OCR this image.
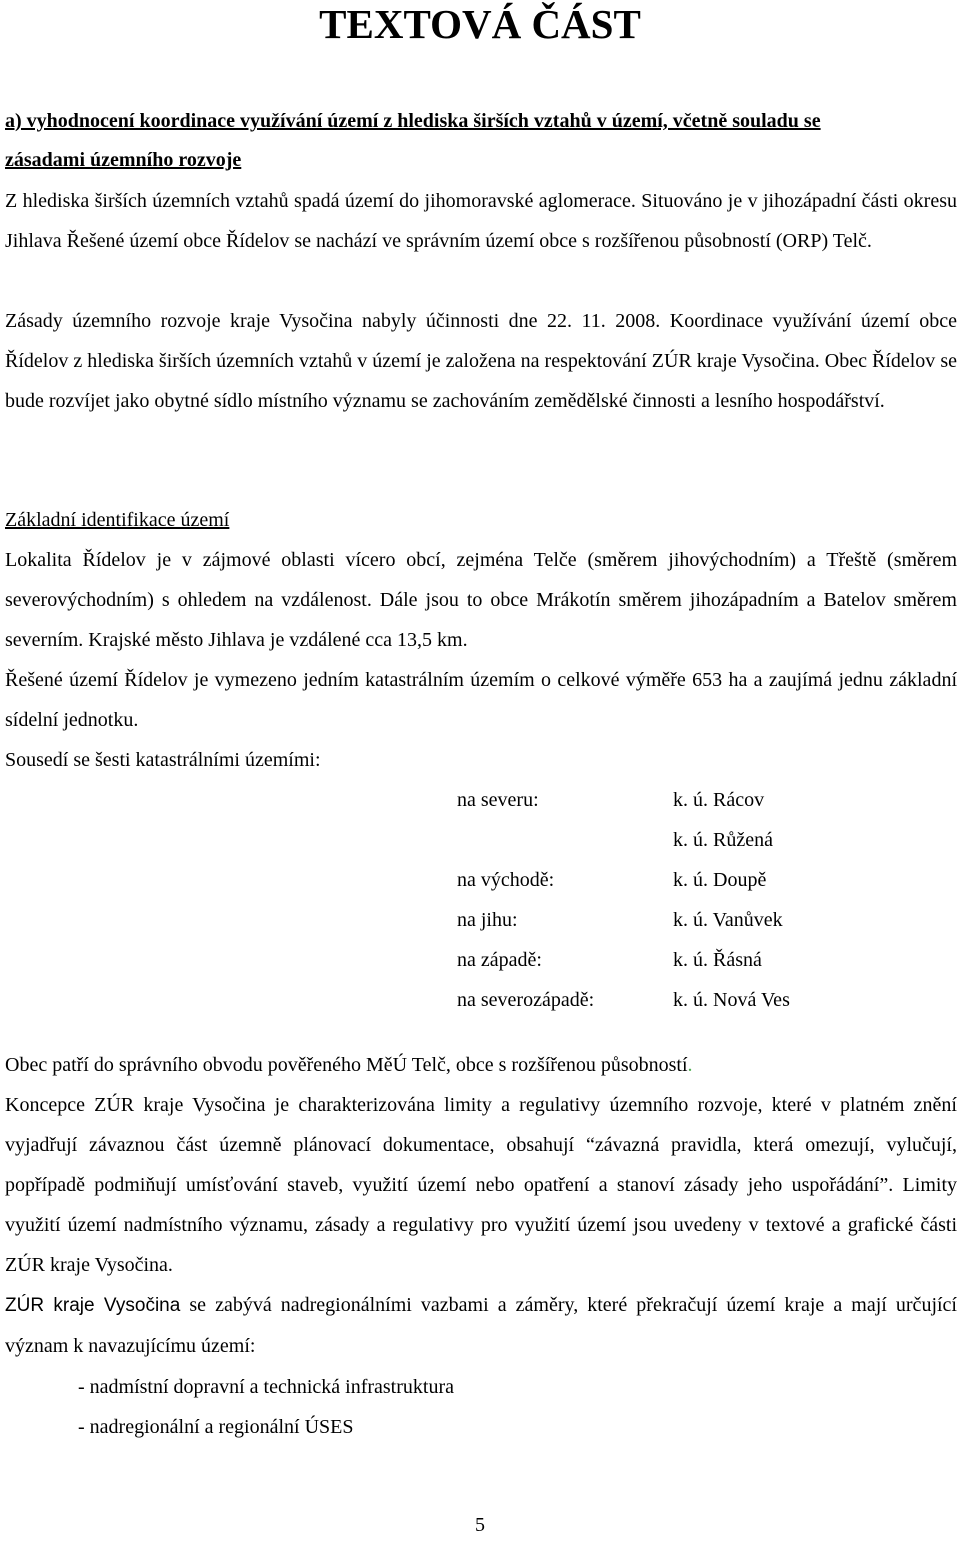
TEXTOVÁ ČÁST
a) vyhodnocení koordinace využívání území z hlediska širších vztahů v území, včetně souladu se
zásadami územního rozvoje
Z hlediska širších územních vztahů spadá území do jihomoravské aglomerace. Situováno je v jihozápadní části okresu Jihlava Řešené území obce Řídelov se nachází ve správním území obce s rozšířenou působností (ORP) Telč.
Zásady územního rozvoje kraje Vysočina nabyly účinnosti dne 22. 11. 2008. Koordinace využívání území obce Řídelov z hlediska širších územních vztahů v území je založena na respektování ZÚR kraje Vysočina. Obec Řídelov se bude rozvíjet jako obytné sídlo místního významu se zachováním zemědělské činnosti a lesního hospodářství.
Základní identifikace území
Lokalita Řídelov je v zájmové oblasti vícero obcí, zejména Telče (směrem jihovýchodním) a Třeště (směrem severovýchodním) s ohledem na vzdálenost. Dále jsou to obce Mrákotín směrem jihozápadním a Batelov směrem severním. Krajské město Jihlava je vzdálené cca 13,5 km.
Řešené území Řídelov je vymezeno jedním katastrálním územím o celkové výměře 653 ha a zaujímá jednu základní sídelní jednotku.
Sousedí se šesti katastrálními územími:
na severu:	k. ú. Rácov
	k. ú. Růžená
na východě:	k. ú. Doupě
na jihu:	k. ú. Vanůvek
na západě:	k. ú. Řásná
na severozápadě:	k. ú. Nová Ves
Obec patří do správního obvodu pověřeného MěÚ Telč, obce s rozšířenou působností.
Koncepce ZÚR kraje Vysočina je charakterizována limity a regulativy územního rozvoje, které v platném znění vyjadřují závaznou část územně plánovací dokumentace, obsahují “závazná pravidla, která omezují, vylučují, popřípadě podmiňují umísťování staveb, využití území nebo opatření a stanoví zásady jeho uspořádání”. Limity využití území nadmístního významu, zásady a regulativy pro využití území jsou uvedeny v textové a grafické části ZÚR kraje Vysočina.
ZÚR kraje Vysočina se zabývá nadregionálními vazbami a záměry, které překračují území kraje a mají určující význam k navazujícímu území:
- nadmístní dopravní a technická infrastruktura
- nadregionální a regionální ÚSES
5
